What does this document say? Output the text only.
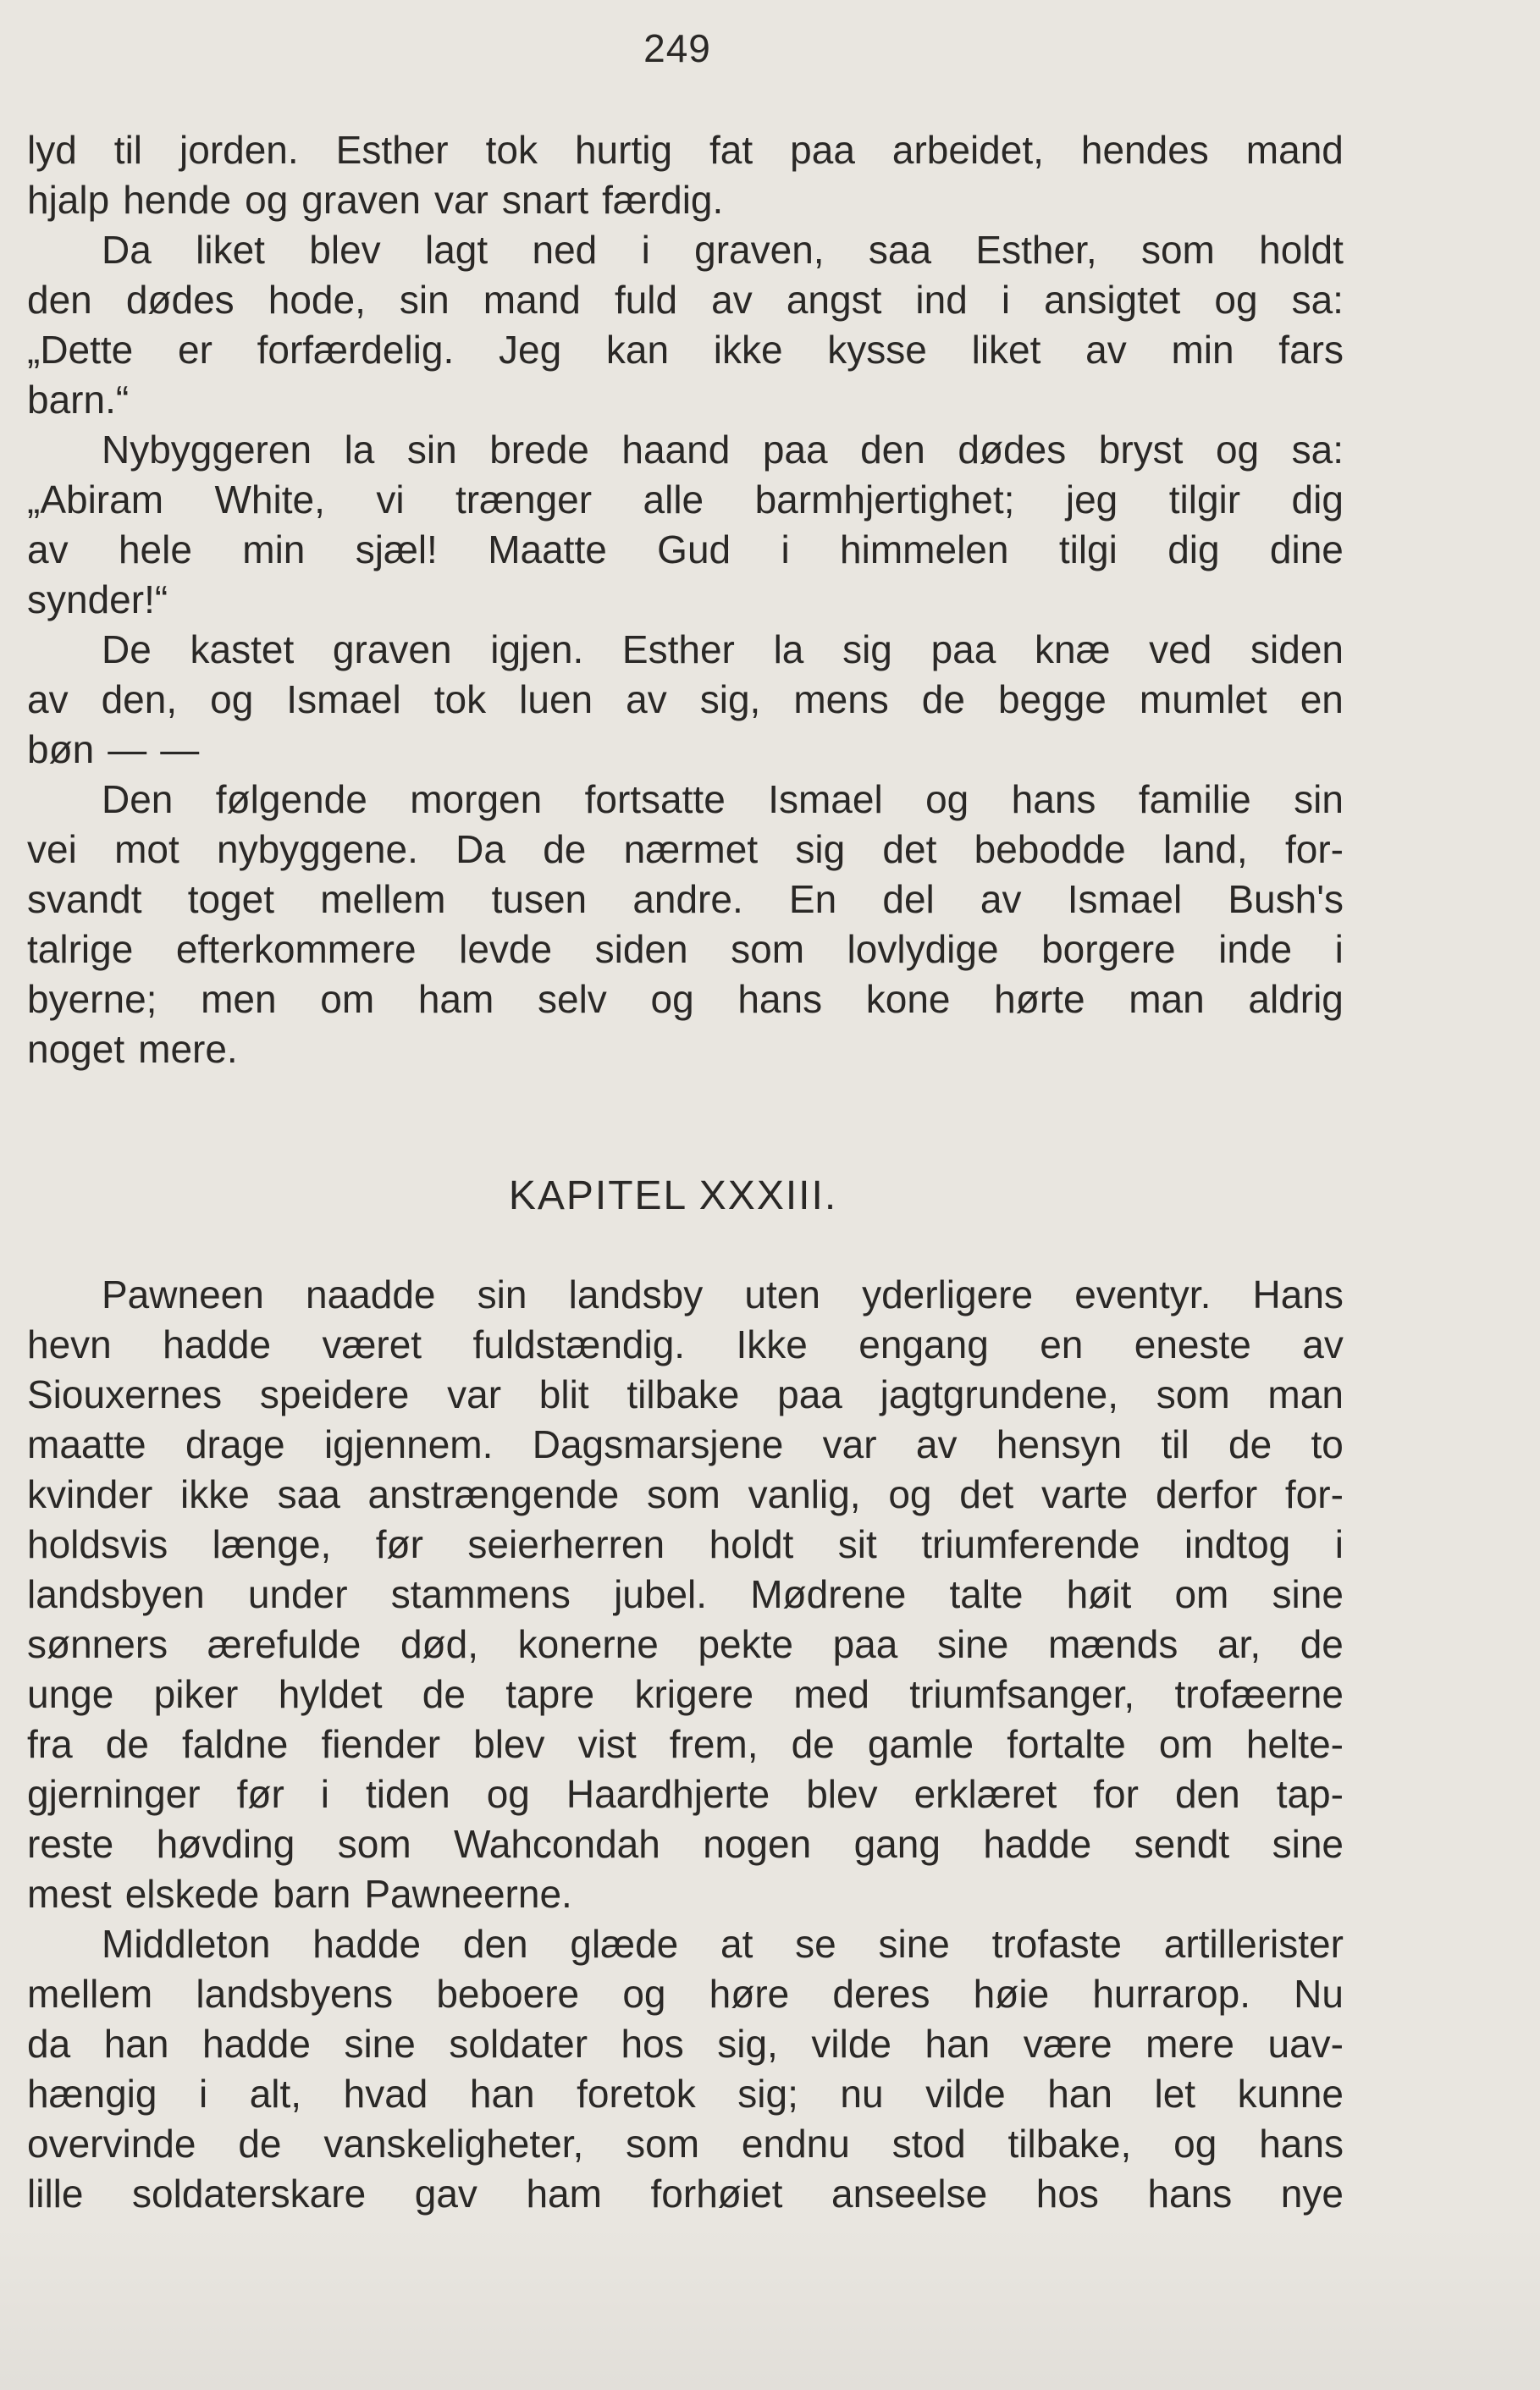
249
lyd til jorden. Esther tok hurtig fat paa arbeidet, hendes mand
hjalp hende og graven var snart færdig.
Da liket blev lagt ned i graven, saa Esther, som holdt
den dødes hode, sin mand fuld av angst ind i ansigtet og sa:
„Dette er forfærdelig. Jeg kan ikke kysse liket av min fars
barn.“
Nybyggeren la sin brede haand paa den dødes bryst og sa:
„Abiram White, vi trænger alle barmhjertighet; jeg tilgir dig
av hele min sjæl! Maatte Gud i himmelen tilgi dig dine
synder!“
De kastet graven igjen. Esther la sig paa knæ ved siden
av den, og Ismael tok luen av sig, mens de begge mumlet en
bøn — —
Den følgende morgen fortsatte Ismael og hans familie sin
vei mot nybyggene. Da de nærmet sig det bebodde land, for-
svandt toget mellem tusen andre. En del av Ismael Bush's
talrige efterkommere levde siden som lovlydige borgere inde i
byerne; men om ham selv og hans kone hørte man aldrig
noget mere.
KAPITEL XXXIII.
Pawneen naadde sin landsby uten yderligere eventyr. Hans
hevn hadde været fuldstændig. Ikke engang en eneste av
Siouxernes speidere var blit tilbake paa jagtgrundene, som man
maatte drage igjennem. Dagsmarsjene var av hensyn til de to
kvinder ikke saa anstrængende som vanlig, og det varte derfor for-
holdsvis længe, før seierherren holdt sit triumferende indtog i
landsbyen under stammens jubel. Mødrene talte høit om sine
sønners ærefulde død, konerne pekte paa sine mænds ar, de
unge piker hyldet de tapre krigere med triumfsanger, trofæerne
fra de faldne fiender blev vist frem, de gamle fortalte om helte-
gjerninger før i tiden og Haardhjerte blev erklæret for den tap-
reste høvding som Wahcondah nogen gang hadde sendt sine
mest elskede barn Pawneerne.
Middleton hadde den glæde at se sine trofaste artillerister
mellem landsbyens beboere og høre deres høie hurrarop. Nu
da han hadde sine soldater hos sig, vilde han være mere uav-
hængig i alt, hvad han foretok sig; nu vilde han let kunne
overvinde de vanskeligheter, som endnu stod tilbake, og hans
lille soldaterskare gav ham forhøiet anseelse hos hans nye
